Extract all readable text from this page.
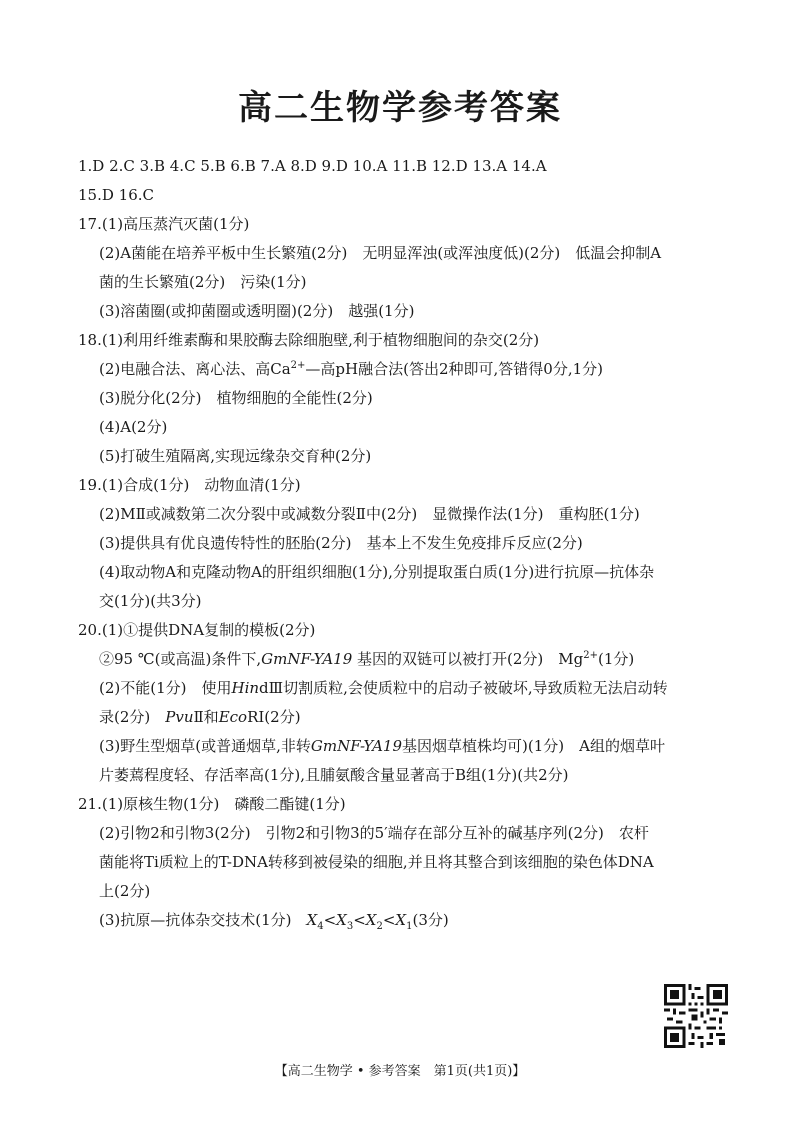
高二生物学参考答案
1.D 2.C 3.B 4.C 5.B 6.B 7.A 8.D 9.D 10.A 11.B 12.D 13.A 14.A
15.D 16.C
17.(1)高压蒸汽灭菌(1分)
(2)A菌能在培养平板中生长繁殖(2分)　无明显浑浊(或浑浊度低)(2分)　低温会抑制A
菌的生长繁殖(2分)　污染(1分)
(3)溶菌圈(或抑菌圈或透明圈)(2分)　越强(1分)
18.(1)利用纤维素酶和果胶酶去除细胞壁,利于植物细胞间的杂交(2分)
(2)电融合法、离心法、高$Ca^{2+}—$高pH融合法(答出2种即可,答错得0分,1分)
(3)脱分化(2分)　植物细胞的全能性(2分)
(4)A(2分)
(5)打破生殖隔离,实现远缘杂交育种(2分)
19.(1)合成(1分)　动物血清(1分)
(2)MⅡ或减数第二次分裂中或减数分裂Ⅱ中(2分)　显微操作法(1分)　重构胚(1分)
(3)提供具有优良遗传特性的胚胎(2分)　基本上不发生免疫排斥反应(2分)
(4)取动物A和克隆动物A的肝组织细胞(1分),分别提取蛋白质(1分)进行抗原—抗体杂
交(1分)(共3分)
20.(1)①提供DNA复制的模板(2分)
②95 ℃(或高温)条件下,GmNF-YA19 基因的双链可以被打开(2分)　$Mg^{2+}(1$分)
(2)不能(1分)　使用HindⅢ切割质粒,会使质粒中的启动子被破坏,导致质粒无法启动转
录(2分)　PvuⅡ和EcoRⅠ(2分)
(3)野生型烟草(或普通烟草,非转GmNF-YA19基因烟草植株均可)(1分)　A组的烟草叶
片萎蔫程度轻、存活率高(1分),且脯氨酸含量显著高于B组(1分)(共2分)
21.(1)原核生物(1分)　磷酸二酯键(1分)
(2)引物2和引物3(2分)　引物2和引物3的5′端存在部分互补的碱基序列(2分)　农杆
菌能将Ti质粒上的T-DNA转移到被侵染的细胞,并且将其整合到该细胞的染色体DNA
上(2分)
(3)抗原—抗体杂交技术(1分)　$X_4<X_3<X_2<X_1(3$分)
【高二生物学 • 参考答案　第1页(共1页)】
